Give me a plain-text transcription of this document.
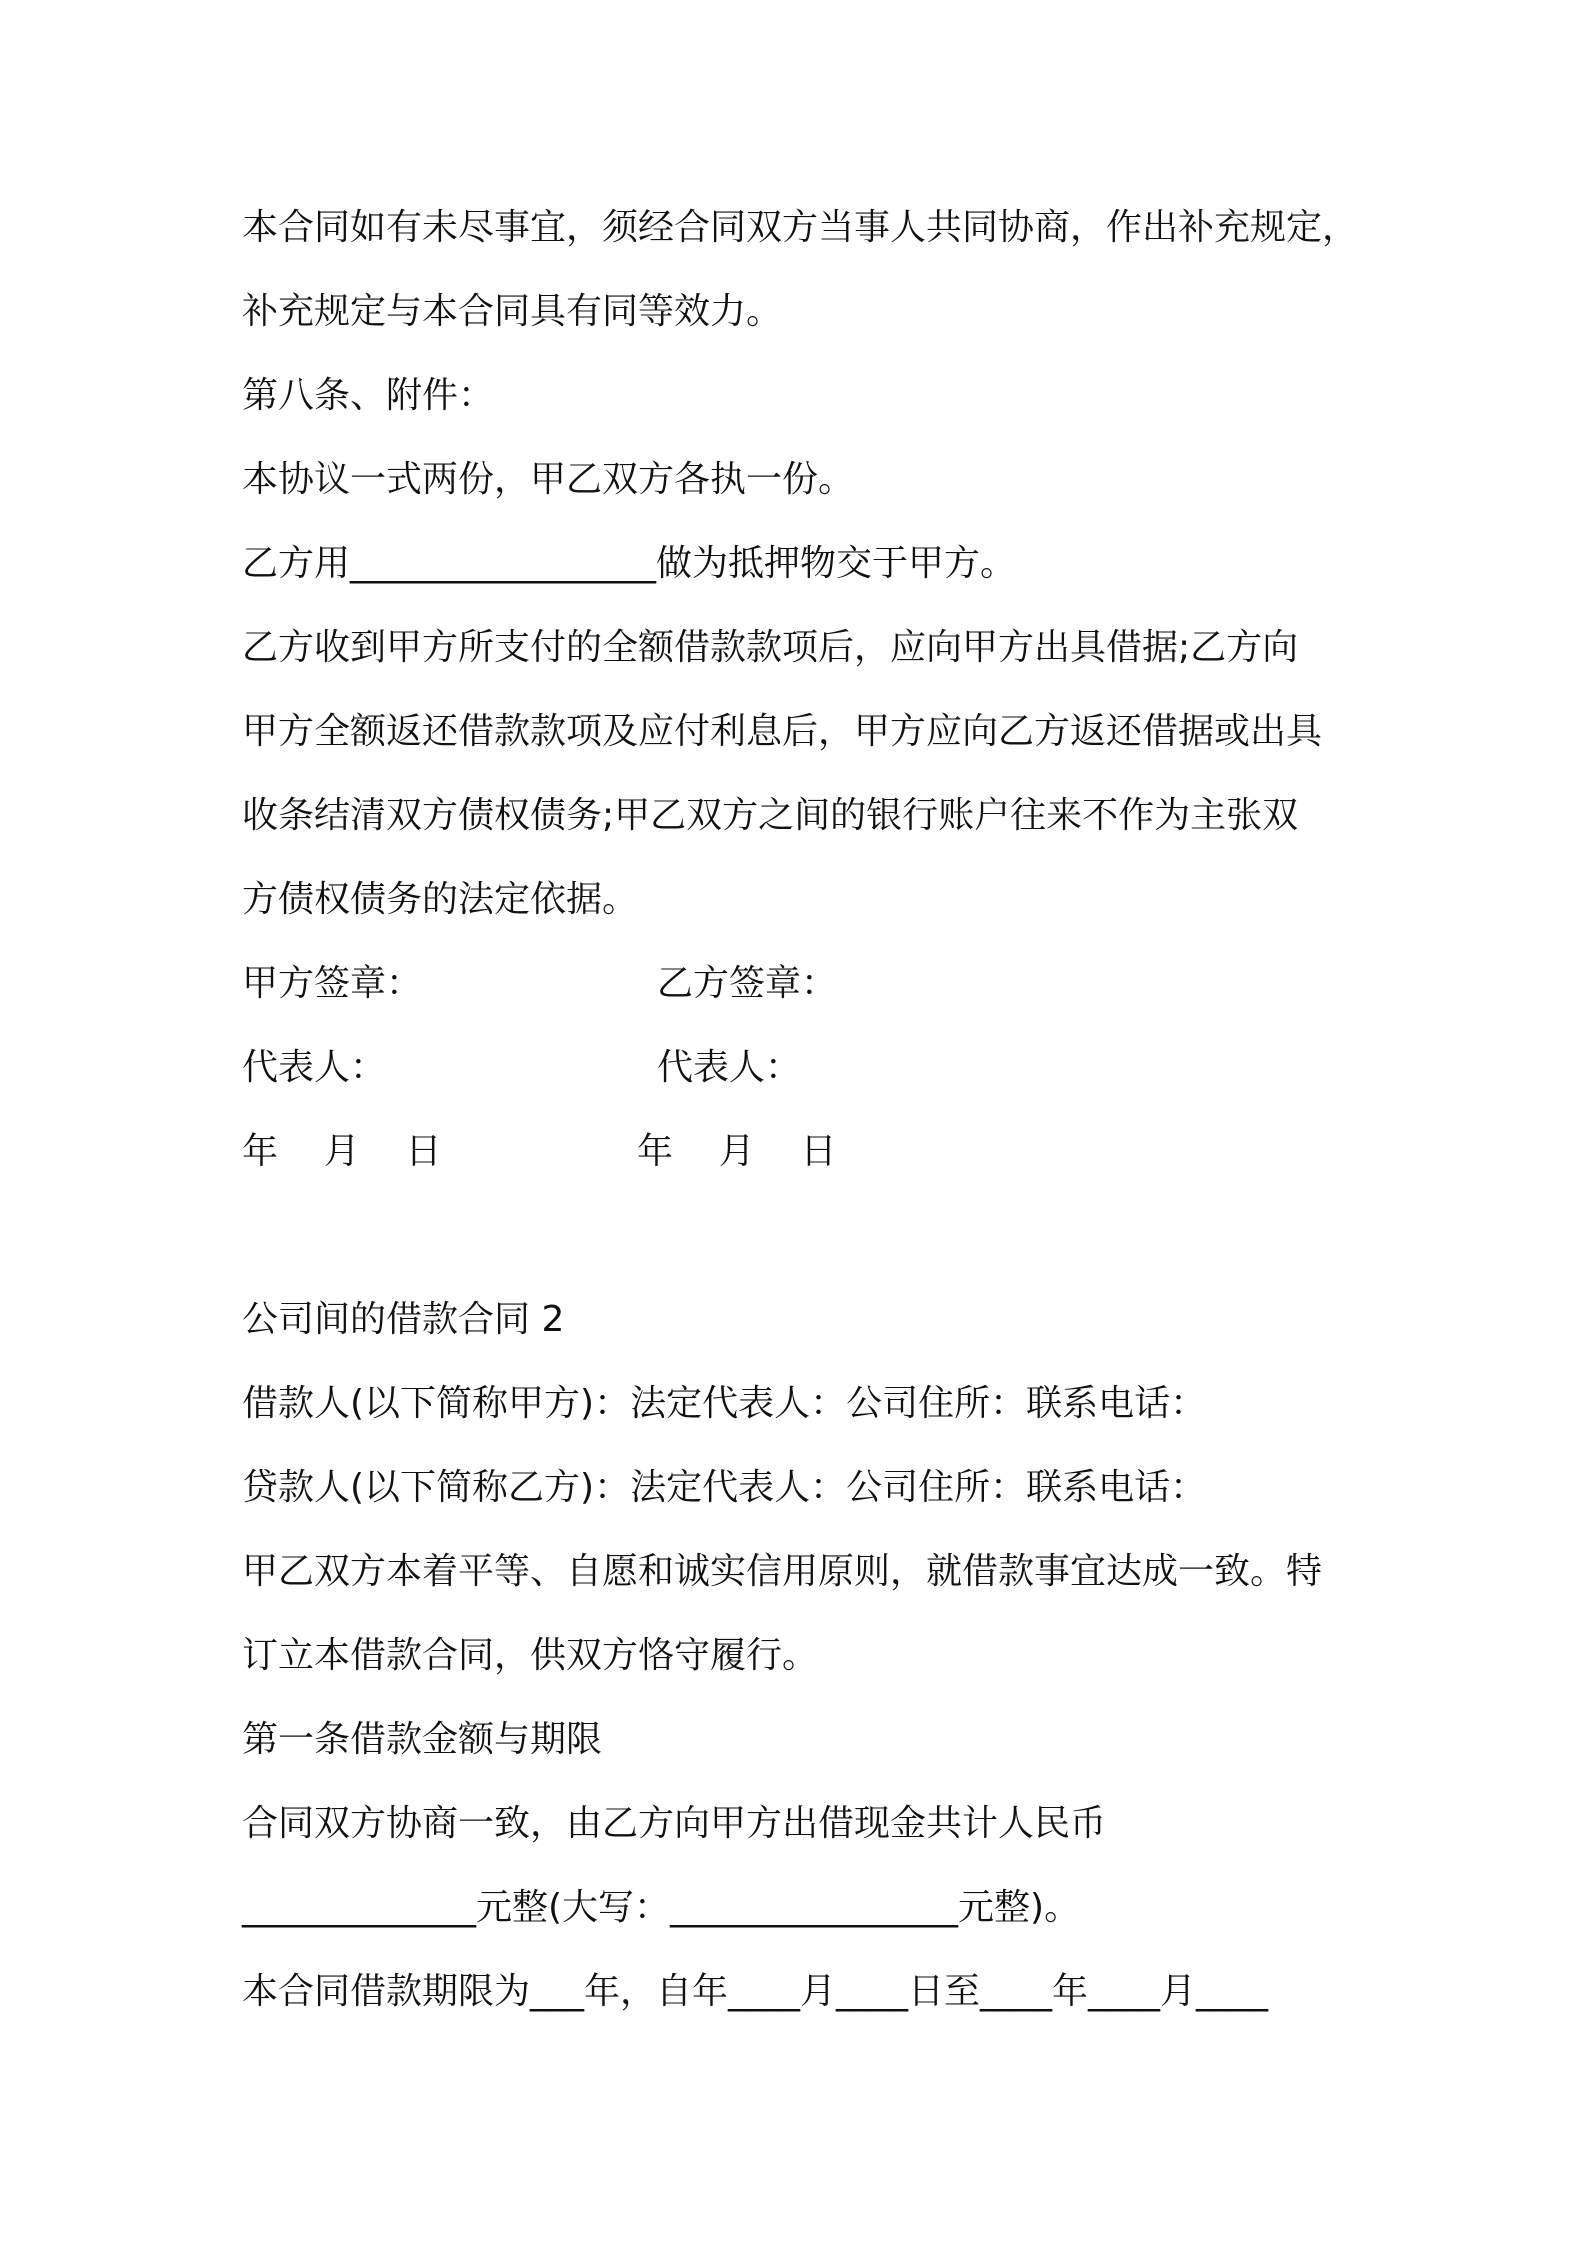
本合同如有未尽事宜，须经合同双方当事人共同协商，作出补充规定，
补充规定与本合同具有同等效力。
第八条、附件：
本协议一式两份，甲乙双方各执一份。
乙方用_________________做为抵押物交于甲方。
乙方收到甲方所支付的全额借款款项后，应向甲方出具借据;乙方向
甲方全额返还借款款项及应付利息后，甲方应向乙方返还借据或出具
收条结清双方债权债务;甲乙双方之间的银行账户往来不作为主张双
方债权债务的法定依据。
甲方签章：	乙方签章：
代表人：	代表人：
年    月    日	年    月    日
公司间的借款合同 2
借款人(以下简称甲方)：法定代表人：公司住所：联系电话：
贷款人(以下简称乙方)：法定代表人：公司住所：联系电话：
甲乙双方本着平等、自愿和诚实信用原则，就借款事宜达成一致。特
订立本借款合同，供双方恪守履行。
第一条借款金额与期限
合同双方协商一致，由乙方向甲方出借现金共计人民币
_____________元整(大写：________________元整)。
本合同借款期限为___年，自年____月____日至____年____月____
